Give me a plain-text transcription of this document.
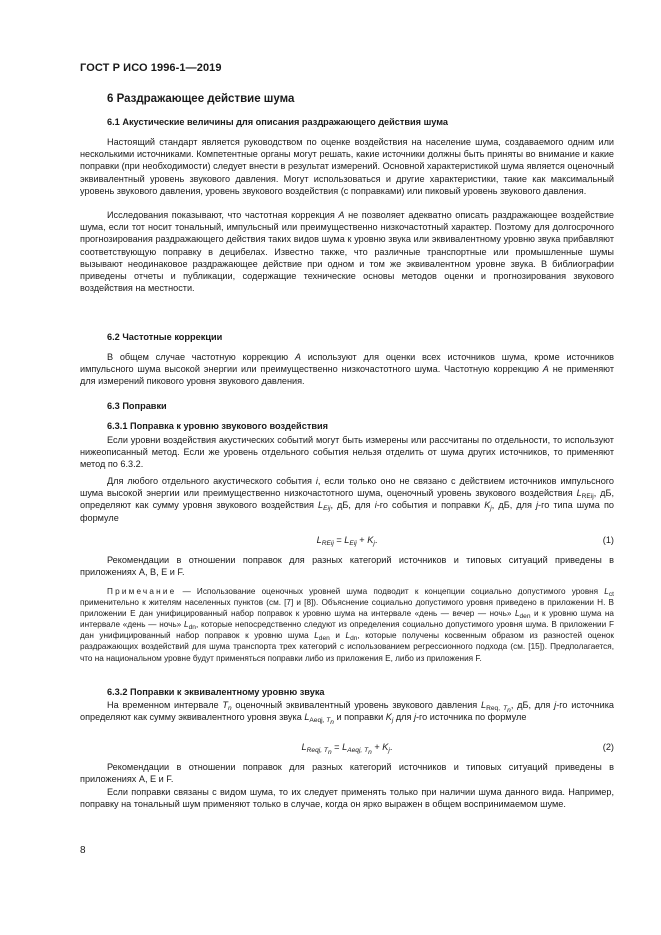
ГОСТ Р ИСО 1996-1—2019
6 Раздражающее действие шума
6.1 Акустические величины для описания раздражающего действия шума
Настоящий стандарт является руководством по оценке воздействия на население шума, создаваемого одним или несколькими источниками. Компетентные органы могут решать, какие источники должны быть приняты во внимание и какие поправки (при необходимости) следует внести в результат измерений. Основной характеристикой шума является оценочный эквивалентный уровень звукового давления. Могут использоваться и другие характеристики, такие как максимальный уровень звукового давления, уровень звукового воздействия (с поправками) или пиковый уровень звукового давления.
Исследования показывают, что частотная коррекция A не позволяет адекватно описать раздражающее воздействие шума, если тот носит тональный, импульсный или преимущественно низкочастотный характер. Поэтому для долгосрочного прогнозирования раздражающего действия таких видов шума к уровню звука или эквивалентному уровню звука прибавляют соответствующую поправку в децибелах. Известно также, что различные транспортные или промышленные шумы вызывают неодинаковое раздражающее действие при одном и том же эквивалентном уровне звука. В библиографии приведены отчеты и публикации, содержащие технические основы методов оценки и прогнозирования звукового воздействия на местности.
6.2 Частотные коррекции
В общем случае частотную коррекцию A используют для оценки всех источников шума, кроме источников импульсного шума высокой энергии или преимущественно низкочастотного шума. Частотную коррекцию A не применяют для измерений пикового уровня звукового давления.
6.3 Поправки
6.3.1 Поправка к уровню звукового воздействия
Если уровни воздействия акустических событий могут быть измерены или рассчитаны по отдельности, то используют нижеописанный метод. Если же уровень отдельного события нельзя отделить от шума других источников, то применяют метод по 6.3.2.
Для любого отдельного акустического события i, если только оно не связано с действием источников импульсного шума высокой энергии или преимущественно низкочастотного шума, оценочный уровень звукового воздействия $L_{REij}$, дБ, определяют как сумму уровня звукового воздействия $L_{Eij}$, дБ, для i-го события и поправки $K_j$, дБ, для j-го типа шума по формуле
$L_{REij} = L_{Eij} + K_j$.	(1)
Рекомендации в отношении поправок для разных категорий источников и типовых ситуаций приведены в приложениях А, В, Е и F.
Примечание — Использование оценочных уровней шума подводит к концепции социально допустимого уровня $L_{ct}$ применительно к жителям населенных пунктов (см. [7] и [8]). Объяснение социально допустимого уровня приведено в приложении Н. В приложении Е дан унифицированный набор поправок к уровню шума на интервале «день — вечер — ночь» $L_{den}$ и к уровню шума на интервале «день — ночь» $L_{dn}$, которые непосредственно следуют из определения социально допустимого уровня шума. В приложении F дан унифицированный набор поправок к уровню шума $L_{den}$ и $L_{dn}$, которые получены косвенным образом из разностей оценок раздражающих воздействий для шума транспорта трех категорий с использованием регрессионного подхода (см. [15]). Предполагается, что на национальном уровне будут применяться поправки либо из приложения Е, либо из приложения F.
6.3.2 Поправки к эквивалентному уровню звука
На временном интервале $T_n$ оценочный эквивалентный уровень звукового давления $L_{Req, T_n}$, дБ, для j-го источника определяют как сумму эквивалентного уровня звука $L_{Aeqj, T_n}$ и поправки $K_j$ для j-го источника по формуле
$L_{Reqj, T_n} = L_{Aeqj, T_n} + K_j$.	(2)
Рекомендации в отношении поправок для разных категорий источников и типовых ситуаций приведены в приложениях А, Е и F.
Если поправки связаны с видом шума, то их следует применять только при наличии шума данного вида. Например, поправку на тональный шум применяют только в случае, когда он ярко выражен в общем воспринимаемом шуме.
8
